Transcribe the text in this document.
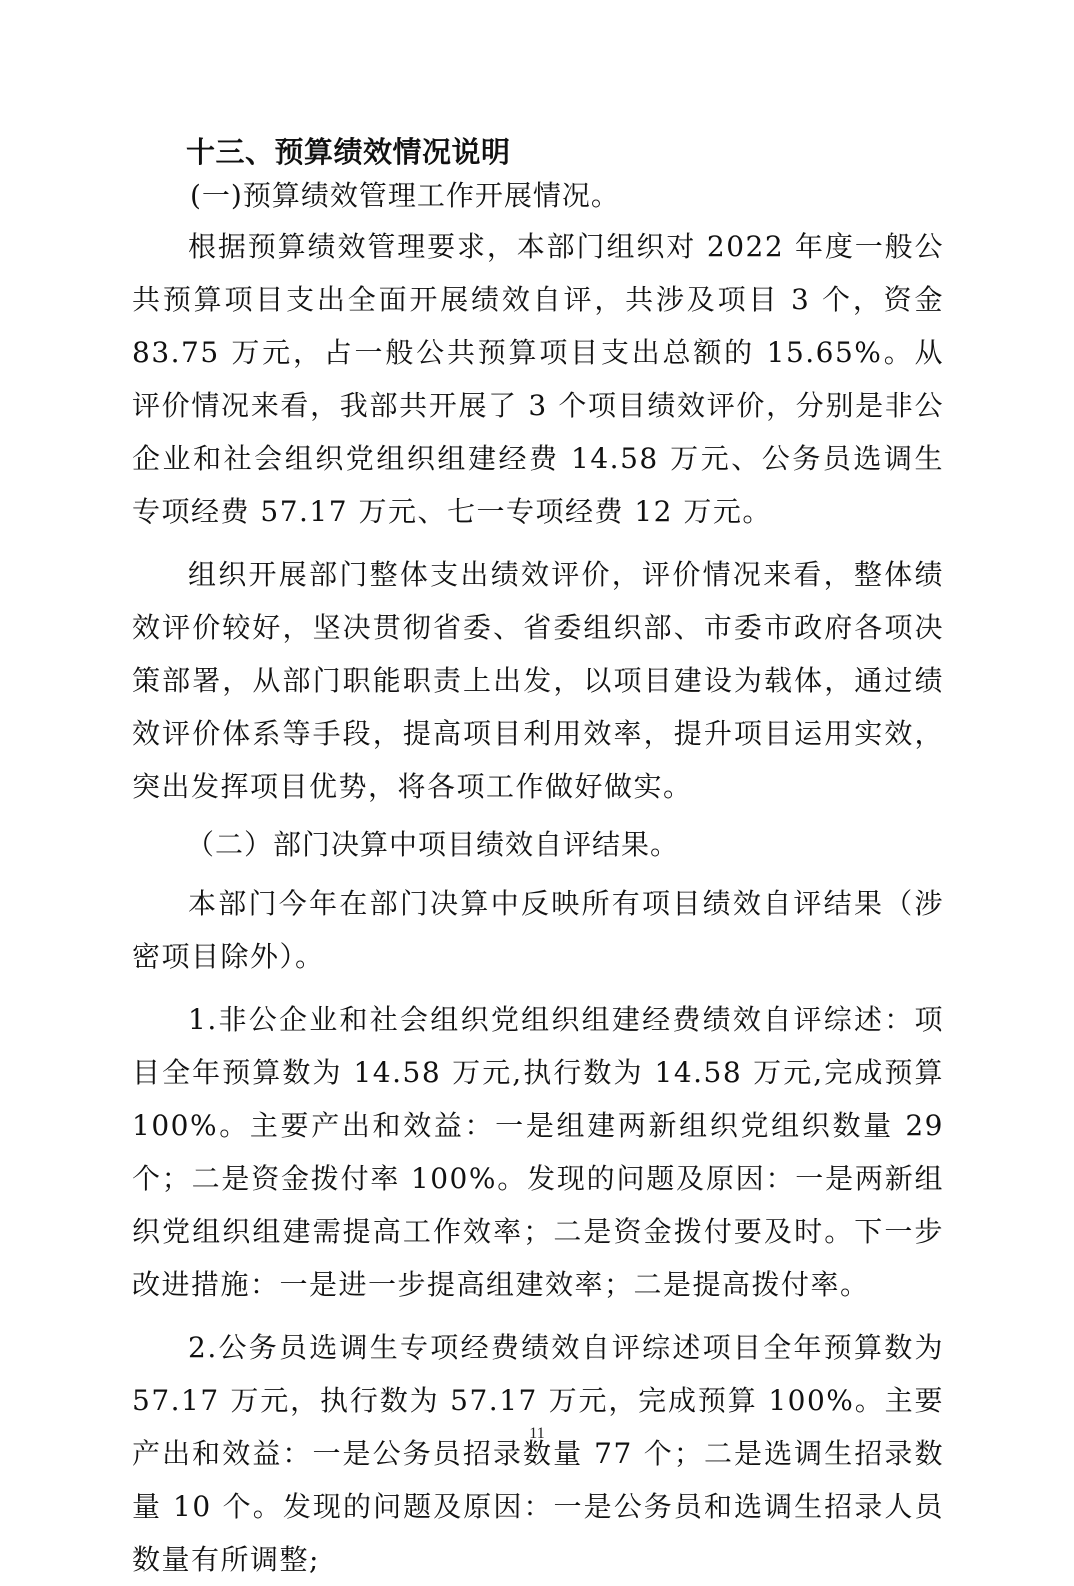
十三、预算绩效情况说明
(一)预算绩效管理工作开展情况。

根据预算绩效管理要求，本部门组织对 2022 年度一般公共预算项目支出全面开展绩效自评，共涉及项目 3 个，资金 83.75 万元，占一般公共预算项目支出总额的 15.65%。从评价情况来看，我部共开展了 3 个项目绩效评价，分别是非公企业和社会组织党组织组建经费 14.58 万元、公务员选调生专项经费 57.17 万元、七一专项经费 12 万元。

组织开展部门整体支出绩效评价，评价情况来看，整体绩效评价较好，坚决贯彻省委、省委组织部、市委市政府各项决策部署，从部门职能职责上出发，以项目建设为载体，通过绩效评价体系等手段，提高项目利用效率，提升项目运用实效，突出发挥项目优势，将各项工作做好做实。

（二）部门决算中项目绩效自评结果。

本部门今年在部门决算中反映所有项目绩效自评结果（涉密项目除外）。

1.非公企业和社会组织党组织组建经费绩效自评综述：项目全年预算数为 14.58 万元,执行数为 14.58 万元,完成预算 100%。主要产出和效益：一是组建两新组织党组织数量 29 个；二是资金拨付率 100%。发现的问题及原因：一是两新组织党组织组建需提高工作效率；二是资金拨付要及时。下一步改进措施：一是进一步提高组建效率；二是提高拨付率。

2.公务员选调生专项经费绩效自评综述项目全年预算数为 57.17 万元，执行数为 57.17 万元，完成预算 100%。主要产出和效益：一是公务员招录数量 77 个；二是选调生招录数量 10 个。发现的问题及原因：一是公务员和选调生招录人员数量有所调整;

11
